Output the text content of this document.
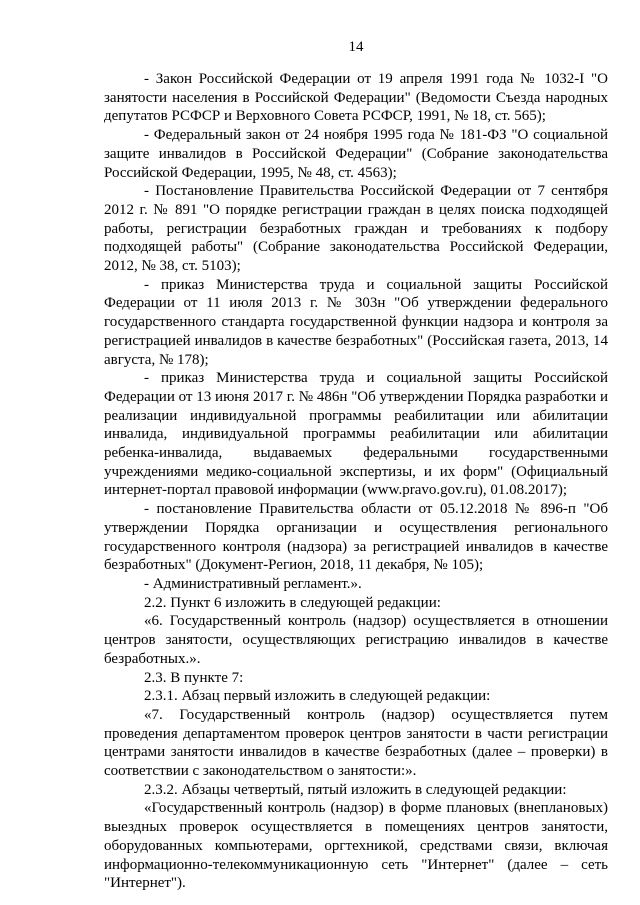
14

- Закон Российской Федерации от 19 апреля 1991 года № 1032-I "О занятости населения в Российской Федерации" (Ведомости Съезда народных депутатов РСФСР и Верховного Совета РСФСР, 1991, № 18, ст. 565);

- Федеральный закон от 24 ноября 1995 года № 181-ФЗ "О социальной защите инвалидов в Российской Федерации" (Собрание законодательства Российской Федерации, 1995, № 48, ст. 4563);

- Постановление Правительства Российской Федерации от 7 сентября 2012 г. № 891 "О порядке регистрации граждан в целях поиска подходящей работы, регистрации безработных граждан и требованиях к подбору подходящей работы" (Собрание законодательства Российской Федерации, 2012, № 38, ст. 5103);

- приказ Министерства труда и социальной защиты Российской Федерации от 11 июля 2013 г. № 303н "Об утверждении федерального государственного стандарта государственной функции надзора и контроля за регистрацией инвалидов в качестве безработных" (Российская газета, 2013, 14 августа, № 178);

- приказ Министерства труда и социальной защиты Российской Федерации от 13 июня 2017 г. № 486н "Об утверждении Порядка разработки и реализации индивидуальной программы реабилитации или абилитации инвалида, индивидуальной программы реабилитации или абилитации ребенка-инвалида, выдаваемых федеральными государственными учреждениями медико-социальной экспертизы, и их форм" (Официальный интернет-портал правовой информации (www.pravo.gov.ru), 01.08.2017);

- постановление Правительства области от 05.12.2018 № 896-п "Об утверждении Порядка организации и осуществления регионального государственного контроля (надзора) за регистрацией инвалидов в качестве безработных" (Документ-Регион, 2018, 11 декабря, № 105);

- Административный регламент.».

2.2. Пункт 6 изложить в следующей редакции:

«6. Государственный контроль (надзор) осуществляется в отношении центров занятости, осуществляющих регистрацию инвалидов в качестве безработных.».

2.3. В пункте 7:

2.3.1. Абзац первый изложить в следующей редакции:

«7. Государственный контроль (надзор) осуществляется путем проведения департаментом проверок центров занятости в части регистрации центрами занятости инвалидов в качестве безработных (далее – проверки) в соответствии с законодательством о занятости:».

2.3.2. Абзацы четвертый, пятый изложить в следующей редакции:

«Государственный контроль (надзор) в форме плановых (внеплановых) выездных проверок осуществляется в помещениях центров занятости, оборудованных компьютерами, оргтехникой, средствами связи, включая информационно-телекоммуникационную сеть "Интернет" (далее – сеть "Интернет").
